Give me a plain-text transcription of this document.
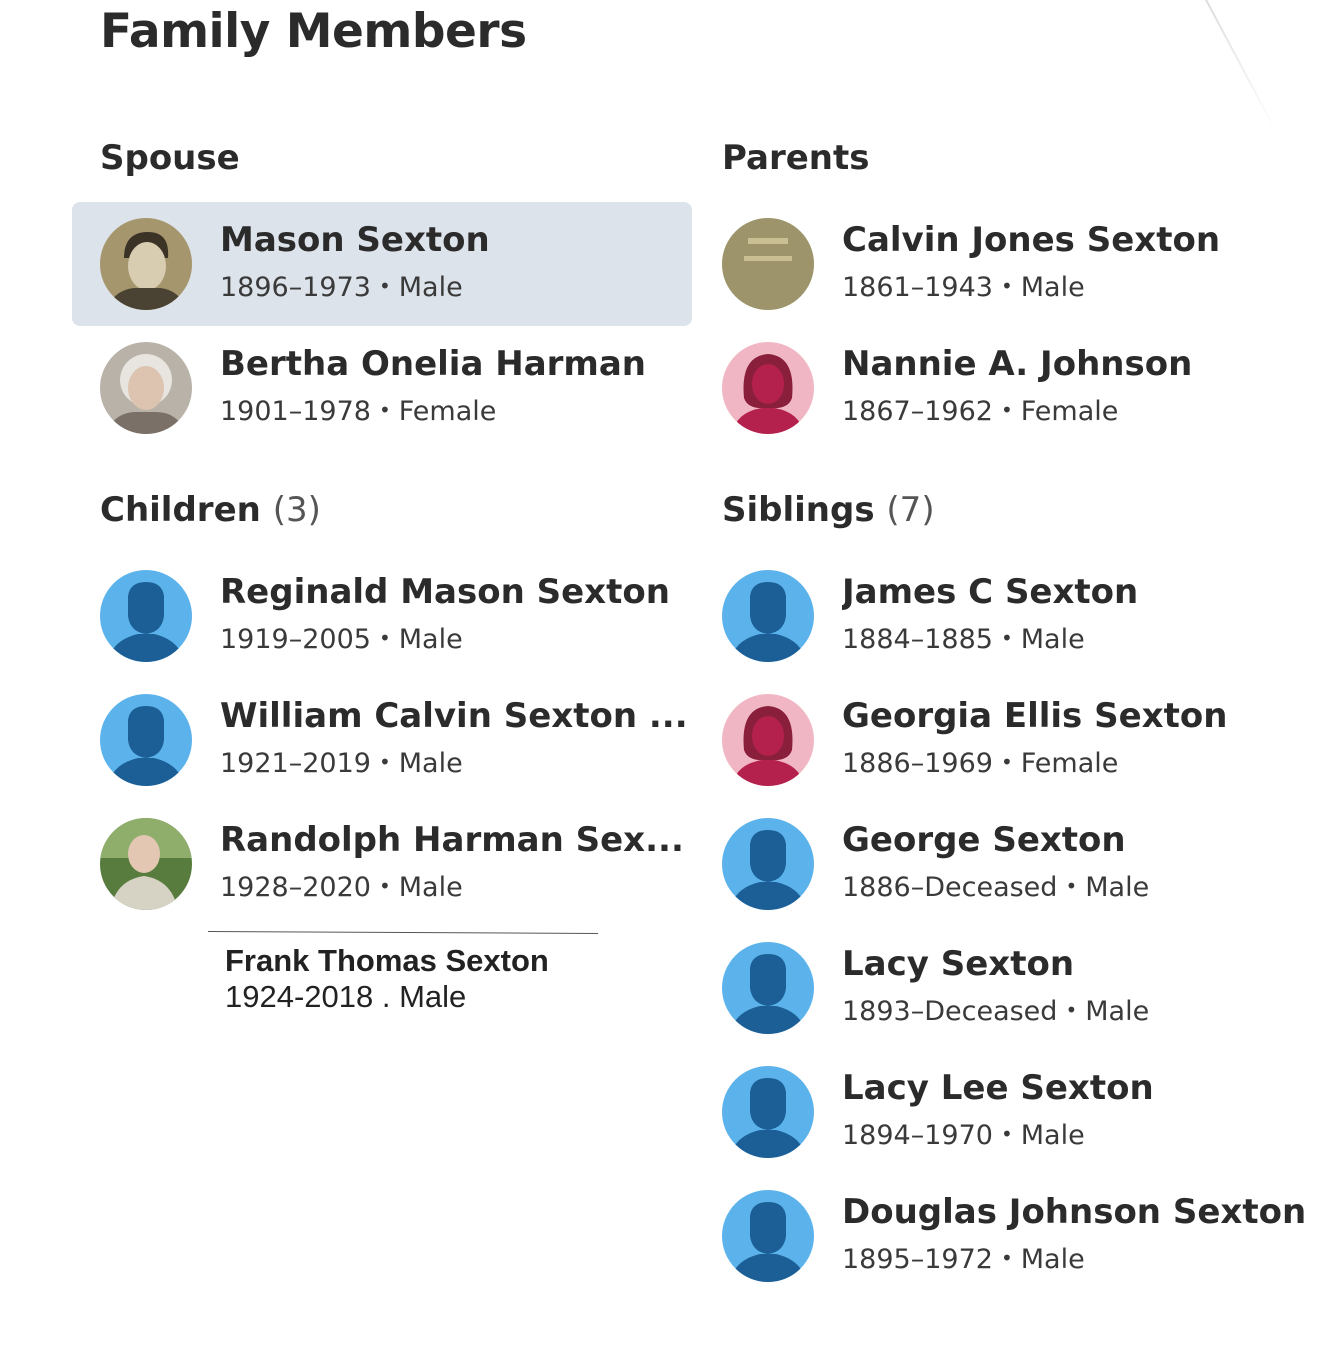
Family Members
Spouse
Mason Sexton
1896–1973 • Male
Bertha Onelia Harman
1901–1978 • Female
Parents
Calvin Jones Sexton
1861–1943 • Male
Nannie A. Johnson
1867–1962 • Female
Children (3)
Reginald Mason Sexton
1919–2005 • Male
William Calvin Sexton ...
1921–2019 • Male
Randolph Harman Sex...
1928–2020 • Male
Frank Thomas Sexton
1924-2018 . Male
Siblings (7)
James C Sexton
1884–1885 • Male
Georgia Ellis Sexton
1886–1969 • Female
George Sexton
1886–Deceased • Male
Lacy Sexton
1893–Deceased • Male
Lacy Lee Sexton
1894–1970 • Male
Douglas Johnson Sexton
1895–1972 • Male
